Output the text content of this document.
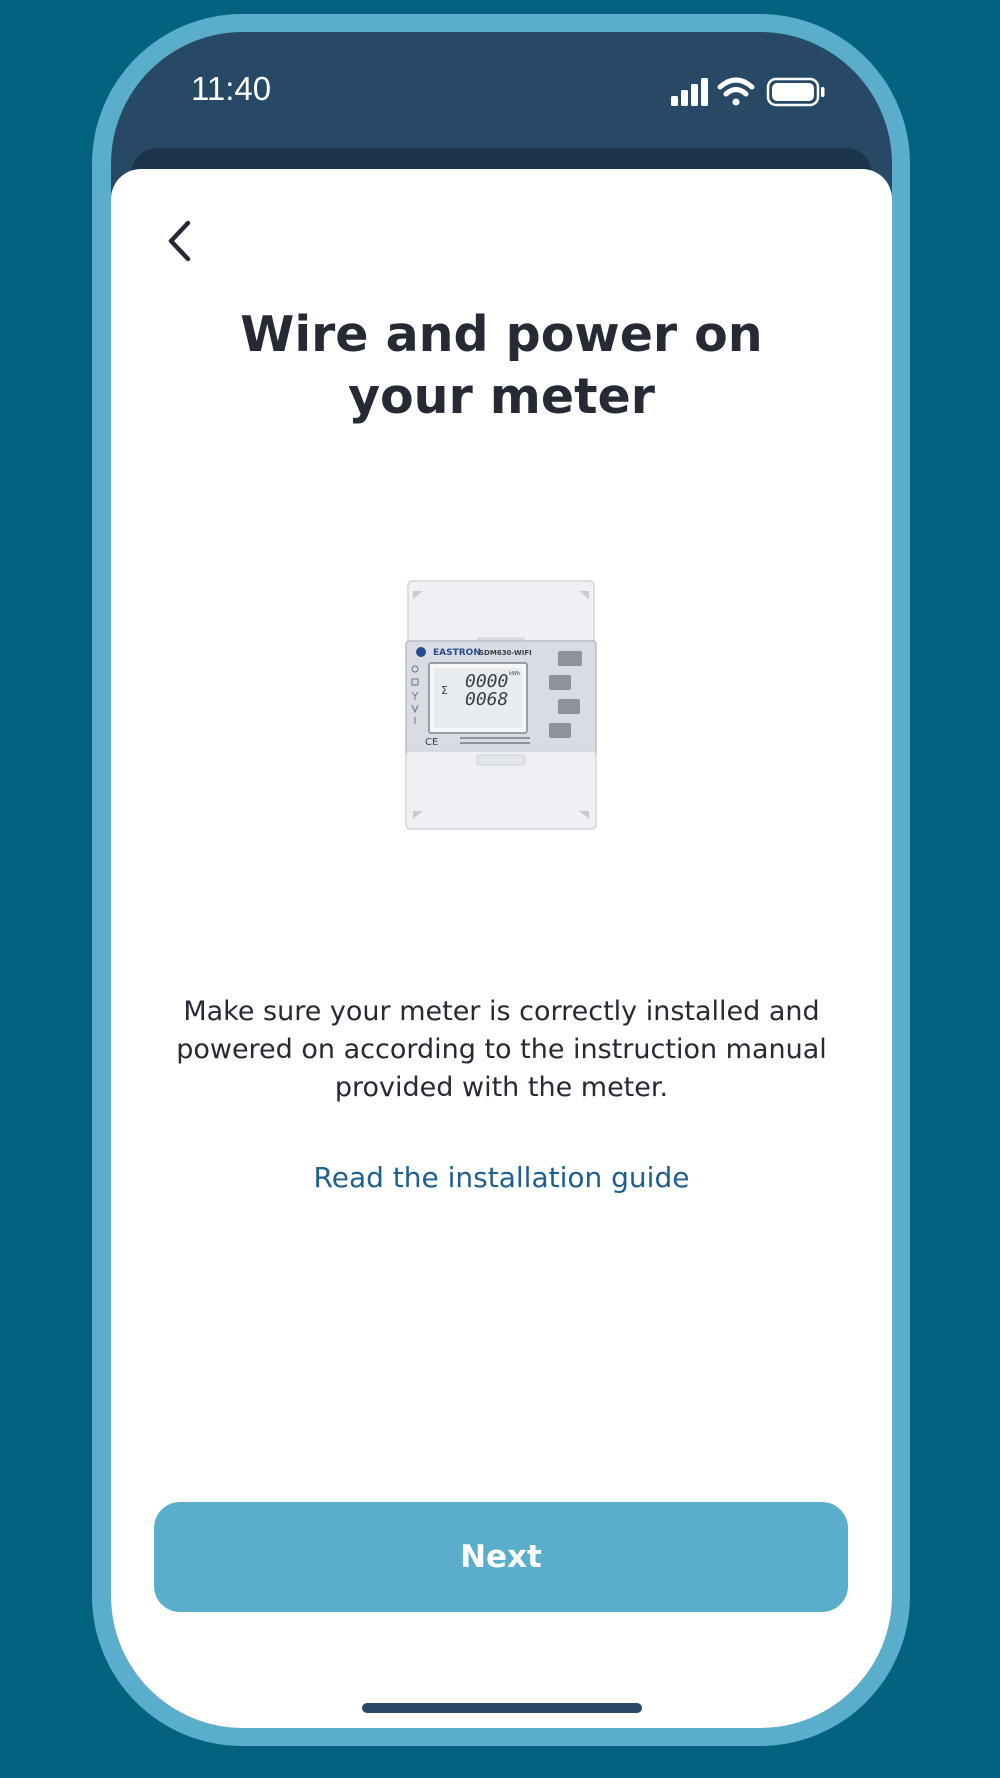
11:40
Wire and power on
your meter
EASTRON
SDM630-WIFI
Σ 0000
0068
kWh
CE

Make sure your meter is correctly installed and powered on according to the instruction manual provided with the meter.

Read the installation guide
Next
